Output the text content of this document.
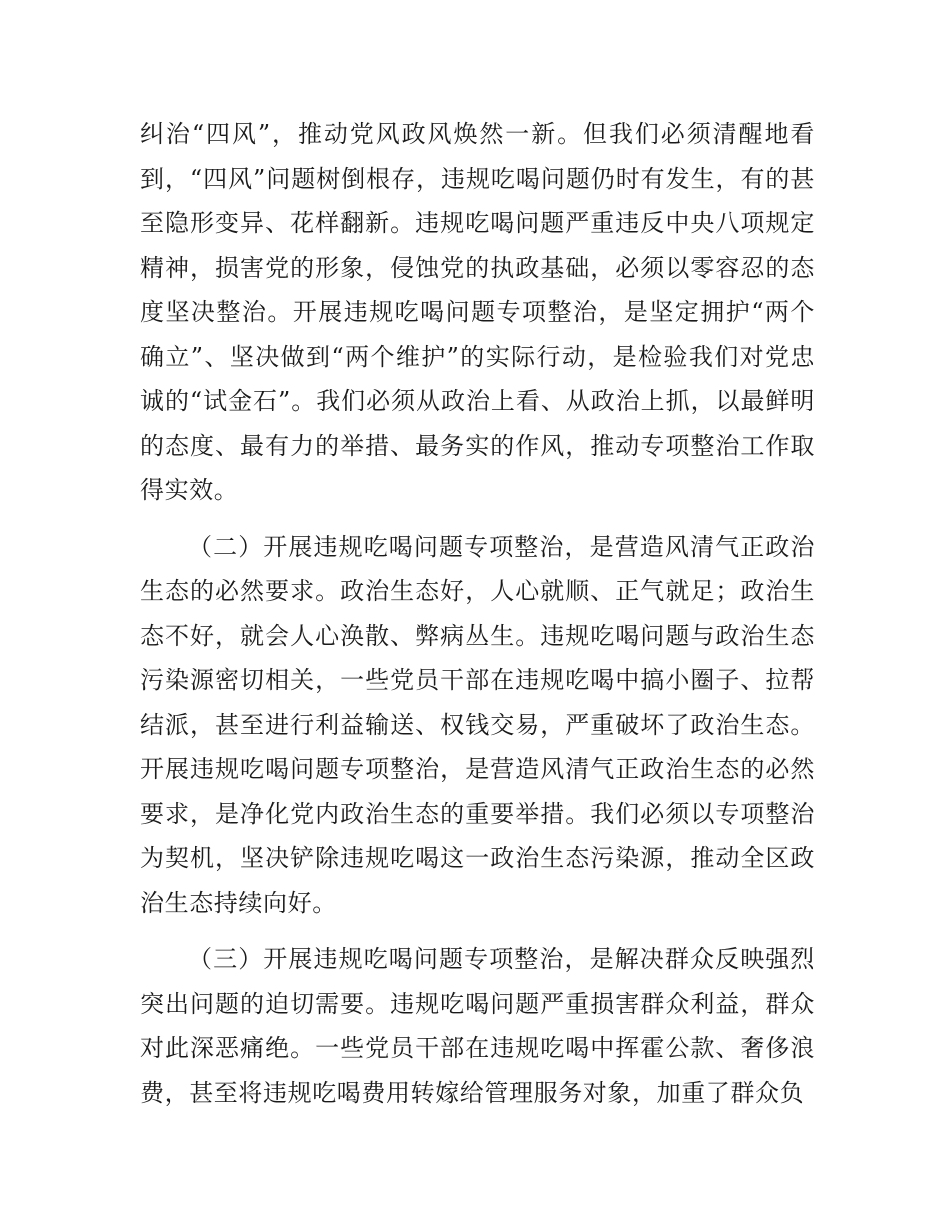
纠治“四风”，推动党风政风焕然一新。但我们必须清醒地看到，“四风”问题树倒根存，违规吃喝问题仍时有发生，有的甚至隐形变异、花样翻新。违规吃喝问题严重违反中央八项规定精神，损害党的形象，侵蚀党的执政基础，必须以零容忍的态度坚决整治。开展违规吃喝问题专项整治，是坚定拥护“两个确立”、坚决做到“两个维护”的实际行动，是检验我们对党忠诚的“试金石”。我们必须从政治上看、从政治上抓，以最鲜明的态度、最有力的举措、最务实的作风，推动专项整治工作取得实效。

（二）开展违规吃喝问题专项整治，是营造风清气正政治生态的必然要求。政治生态好，人心就顺、正气就足；政治生态不好，就会人心涣散、弊病丛生。违规吃喝问题与政治生态污染源密切相关，一些党员干部在违规吃喝中搞小圈子、拉帮结派，甚至进行利益输送、权钱交易，严重破坏了政治生态。开展违规吃喝问题专项整治，是营造风清气正政治生态的必然要求，是净化党内政治生态的重要举措。我们必须以专项整治为契机，坚决铲除违规吃喝这一政治生态污染源，推动全区政治生态持续向好。

（三）开展违规吃喝问题专项整治，是解决群众反映强烈突出问题的迫切需要。违规吃喝问题严重损害群众利益，群众对此深恶痛绝。一些党员干部在违规吃喝中挥霍公款、奢侈浪费，甚至将违规吃喝费用转嫁给管理服务对象，加重了群众负
